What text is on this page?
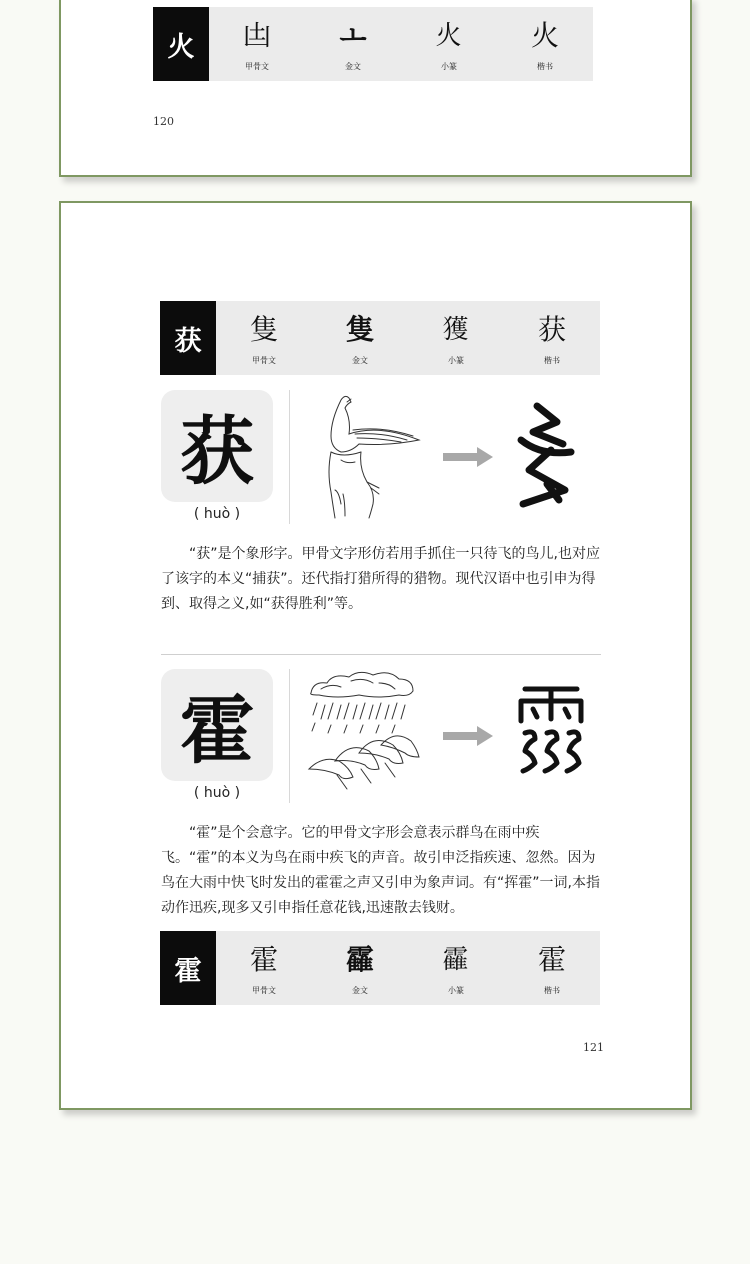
火	凷
甲骨文
ㅗ
金文
火
小篆
火
楷书
120
获	隻
甲骨文
隻
金文
獲
小篆
获
楷书
获
( huò )

“获”是个象形字。甲骨文字形仿若用手抓住一只待飞的鸟儿,也对应了该字的本义“捕获”。还代指打猎所得的猎物。现代汉语中也引申为得到、取得之义,如“获得胜利”等。

霍
( huò )

“霍”是个会意字。它的甲骨文字形会意表示群鸟在雨中疾飞。“霍”的本义为鸟在雨中疾飞的声音。故引申泛指疾速、忽然。因为鸟在大雨中快飞时发出的霍霍之声又引申为象声词。有“挥霍”一词,本指动作迅疾,现多又引申指任意花钱,迅速散去钱财。

霍	霍
甲骨文
靃
金文
靃
小篆
霍
楷书
121
